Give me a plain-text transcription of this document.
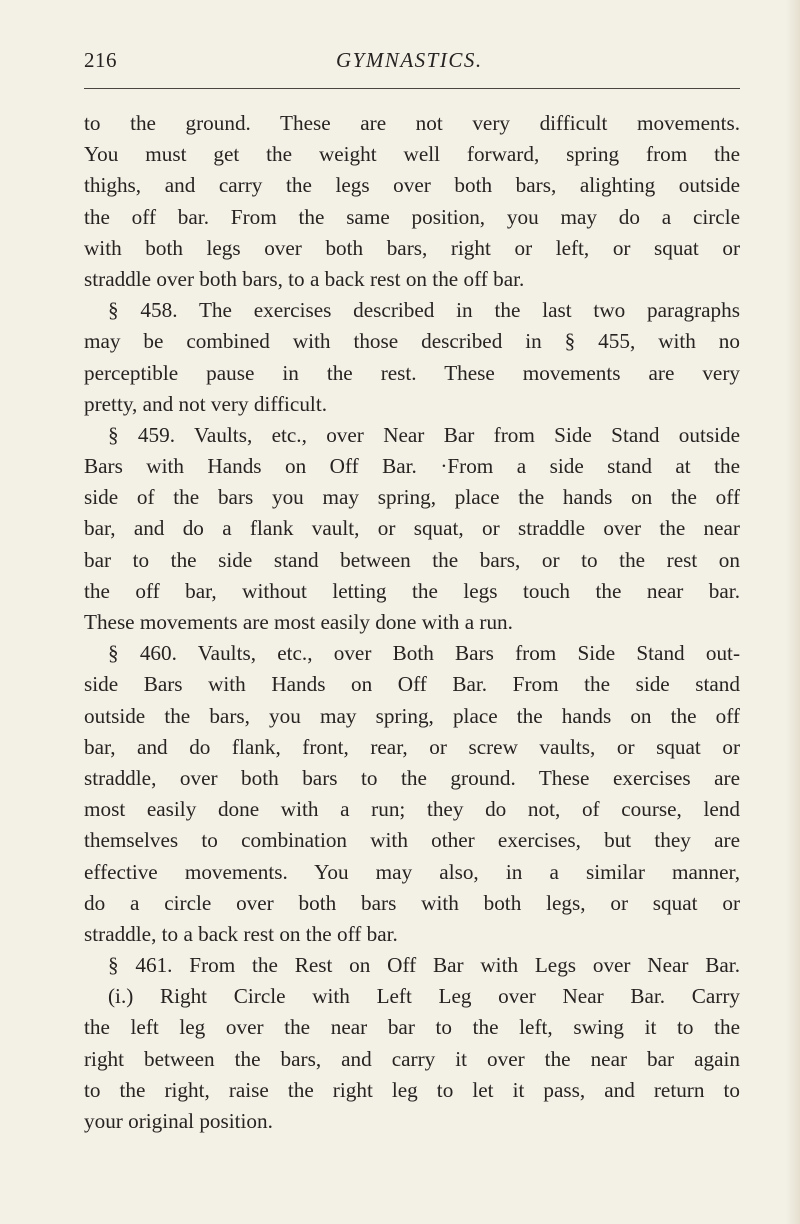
216	GYMNASTICS.
to the ground. These are not very difficult movements.
You must get the weight well forward, spring from the
thighs, and carry the legs over both bars, alighting outside
the off bar. From the same position, you may do a circle
with both legs over both bars, right or left, or squat or
straddle over both bars, to a back rest on the off bar.
§ 458. The exercises described in the last two paragraphs
may be combined with those described in § 455, with no
perceptible pause in the rest. These movements are very
pretty, and not very difficult.
§ 459. Vaults, etc., over Near Bar from Side Stand outside
Bars with Hands on Off Bar. ·From a side stand at the
side of the bars you may spring, place the hands on the off
bar, and do a flank vault, or squat, or straddle over the near
bar to the side stand between the bars, or to the rest on
the off bar, without letting the legs touch the near bar.
These movements are most easily done with a run.
§ 460. Vaults, etc., over Both Bars from Side Stand out-
side Bars with Hands on Off Bar. From the side stand
outside the bars, you may spring, place the hands on the off
bar, and do flank, front, rear, or screw vaults, or squat or
straddle, over both bars to the ground. These exercises are
most easily done with a run; they do not, of course, lend
themselves to combination with other exercises, but they are
effective movements. You may also, in a similar manner,
do a circle over both bars with both legs, or squat or
straddle, to a back rest on the off bar.
§ 461. From the Rest on Off Bar with Legs over Near Bar.
(i.) Right Circle with Left Leg over Near Bar. Carry
the left leg over the near bar to the left, swing it to the
right between the bars, and carry it over the near bar again
to the right, raise the right leg to let it pass, and return to
your original position.
